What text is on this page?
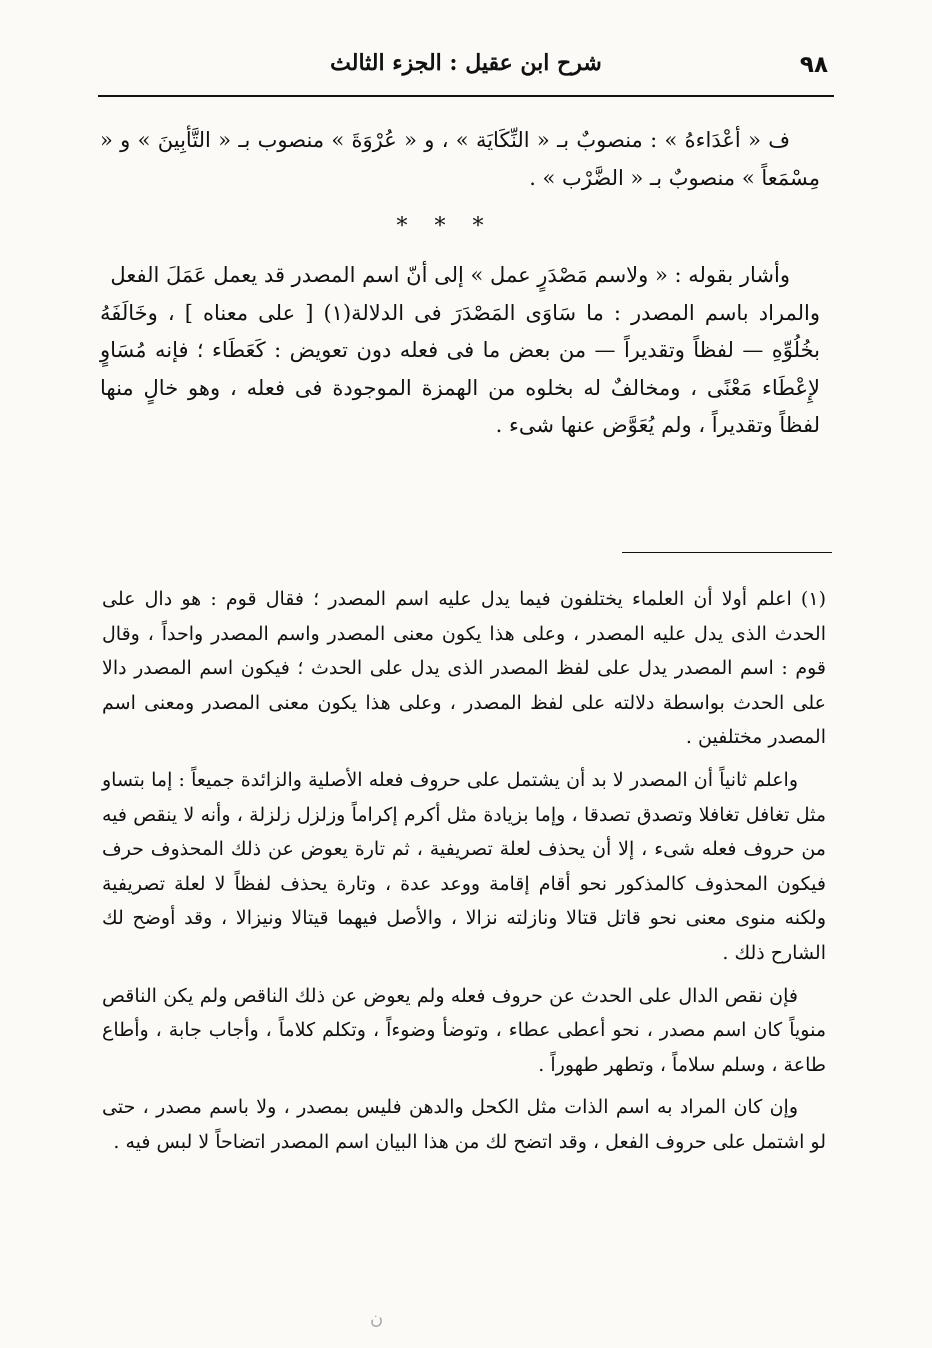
٩٨
شرح ابن عقيل : الجزء الثالث

ف « أعْدَاءهُ » : منصوبٌ بـ « النِّكَايَة » ، و « عُرْوَةَ » منصوب بـ « التَّأبِينَ » و « مِسْمَعاً » منصوبٌ بـ « الضَّرْب » .

* * *

وأشار بقوله : « ولاسم مَصْدَرٍ عمل » إلى أنّ اسم المصدر قد يعمل عَمَلَ الفعل

والمراد باسم المصدر : ما سَاوَى المَصْدَرَ فى الدلالة(١) [ على معناه ] ، وخَالَفَهُ بخُلُوِّهِ — لفظاً وتقديراً — من بعض ما فى فعله دون تعويض : كَعَطَاء ؛ فإنه مُسَاوٍ لإِعْطَاء مَعْنًى ، ومخالفٌ له بخلوه من الهمزة الموجودة فى فعله ، وهو خالٍ منها لفظاً وتقديراً ، ولم يُعَوَّض عنها شىء .

(١) اعلم أولا أن العلماء يختلفون فيما يدل عليه اسم المصدر ؛ فقال قوم : هو دال على الحدث الذى يدل عليه المصدر ، وعلى هذا يكون معنى المصدر واسم المصدر واحداً ، وقال قوم : اسم المصدر يدل على لفظ المصدر الذى يدل على الحدث ؛ فيكون اسم المصدر دالا على الحدث بواسطة دلالته على لفظ المصدر ، وعلى هذا يكون معنى المصدر ومعنى اسم المصدر مختلفين .

واعلم ثانياً أن المصدر لا بد أن يشتمل على حروف فعله الأصلية والزائدة جميعاً : إما بتساو مثل تغافل تغافلا وتصدق تصدقا ، وإما بزيادة مثل أكرم إكراماً وزلزل زلزلة ، وأنه لا ينقص فيه من حروف فعله شىء ، إلا أن يحذف لعلة تصريفية ، ثم تارة يعوض عن ذلك المحذوف حرف فيكون المحذوف كالمذكور نحو أقام إقامة ووعد عدة ، وتارة يحذف لفظاً لا لعلة تصريفية ولكنه منوى معنى نحو قاتل قتالا ونازلته نزالا ، والأصل فيهما قيتالا ونيزالا ، وقد أوضح لك الشارح ذلك .

فإن نقص الدال على الحدث عن حروف فعله ولم يعوض عن ذلك الناقص ولم يكن الناقص منوياً كان اسم مصدر ، نحو أعطى عطاء ، وتوضأ وضوءاً ، وتكلم كلاماً ، وأجاب جابة ، وأطاع طاعة ، وسلم سلاماً ، وتطهر طهوراً .

وإن كان المراد به اسم الذات مثل الكحل والدهن فليس بمصدر ، ولا باسم مصدر ، حتى لو اشتمل على حروف الفعل ، وقد اتضح لك من هذا البيان اسم المصدر اتضاحاً لا لبس فيه .

ن
